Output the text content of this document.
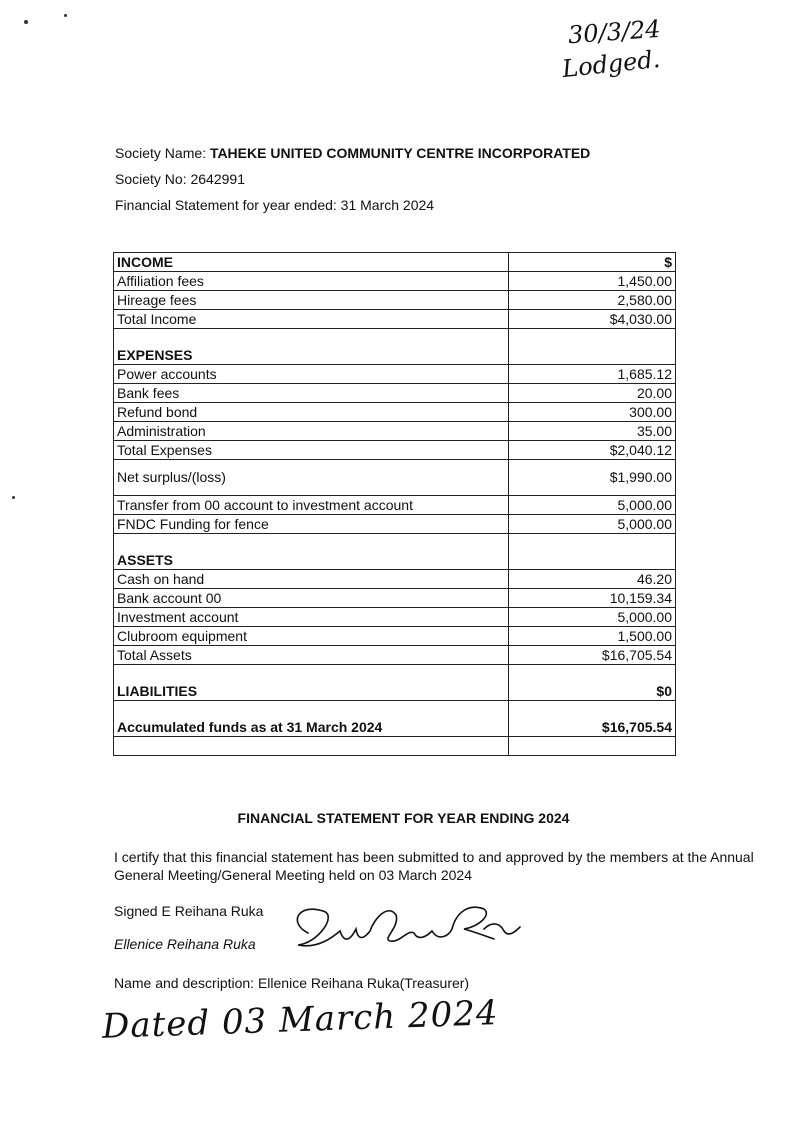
30/3/24
Lodged.
Society Name: TAHEKE UNITED COMMUNITY CENTRE INCORPORATED
Society No: 2642991
Financial Statement for year ended: 31 March 2024
INCOME	$
Affiliation fees	1,450.00
Hireage fees	2,580.00
Total Income	$4,030.00
EXPENSES	
Power accounts	1,685.12
Bank fees	20.00
Refund bond	300.00
Administration	35.00
Total Expenses	$2,040.12
Net surplus/(loss)	$1,990.00
Transfer from 00 account to investment account	5,000.00
FNDC Funding for fence	5,000.00
ASSETS	
Cash on hand	46.20
Bank account 00	10,159.34
Investment account	5,000.00
Clubroom equipment	1,500.00
Total Assets	$16,705.54
LIABILITIES	$0
Accumulated funds as at 31 March 2024	$16,705.54

FINANCIAL STATEMENT FOR YEAR ENDING 2024
I certify that this financial statement has been submitted to and approved by the members at the Annual General Meeting/General Meeting held on 03 March 2024
Signed E Reihana Ruka
Ellenice Reihana Ruka
Name and description: Ellenice Reihana Ruka(Treasurer)
Dated 03 March 2024
